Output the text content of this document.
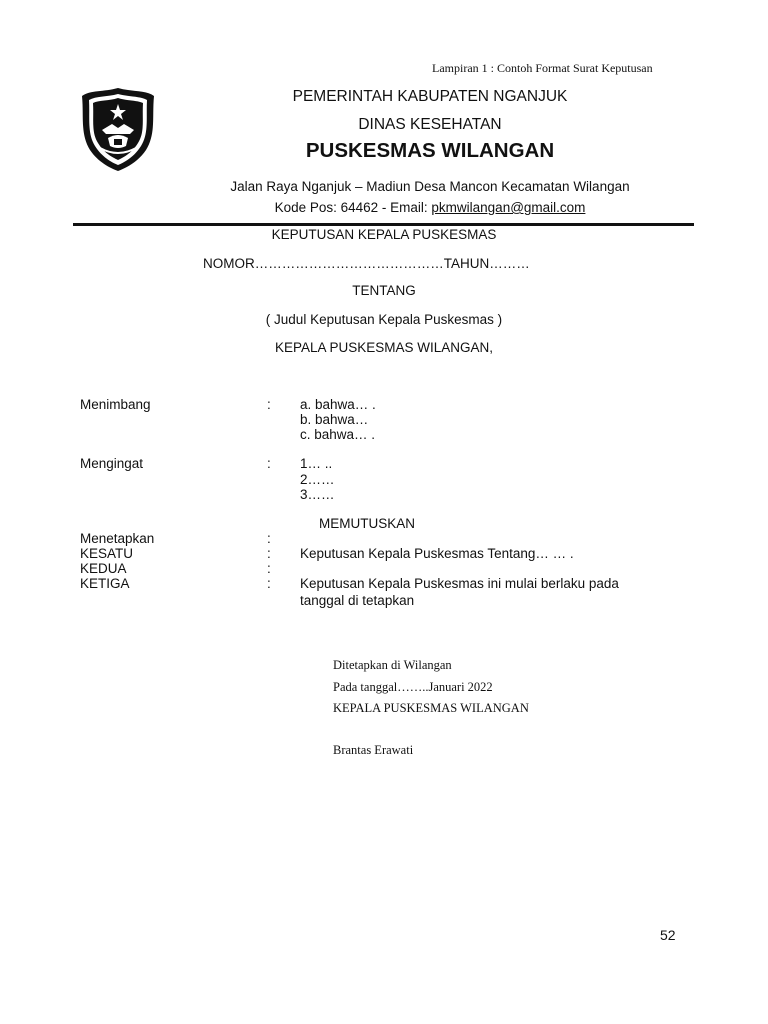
Lampiran 1 : Contoh Format Surat Keputusan
PEMERINTAH KABUPATEN NGANJUK
DINAS KESEHATAN
PUSKESMAS WILANGAN
Jalan Raya Nganjuk – Madiun Desa Mancon Kecamatan Wilangan
Kode Pos: 64462 - Email: pkmwilangan@gmail.com
KEPUTUSAN KEPALA PUSKESMAS
NOMOR……………………………………TAHUN………
TENTANG
( Judul Keputusan Kepala Puskesmas )
KEPALA PUSKESMAS WILANGAN,
Menimbang	: a. bahwa… .
b. bahwa…
c. bahwa… .
Mengingat	: 1… ..
2……
3……
MEMUTUSKAN
Menetapkan	:
KESATU	: Keputusan Kepala Puskesmas Tentang… … .
KEDUA	:
KETIGA	: Keputusan Kepala Puskesmas ini mulai berlaku pada
tanggal di tetapkan
Ditetapkan di Wilangan
Pada tanggal……..Januari 2022
KEPALA PUSKESMAS WILANGAN
Brantas Erawati
52
